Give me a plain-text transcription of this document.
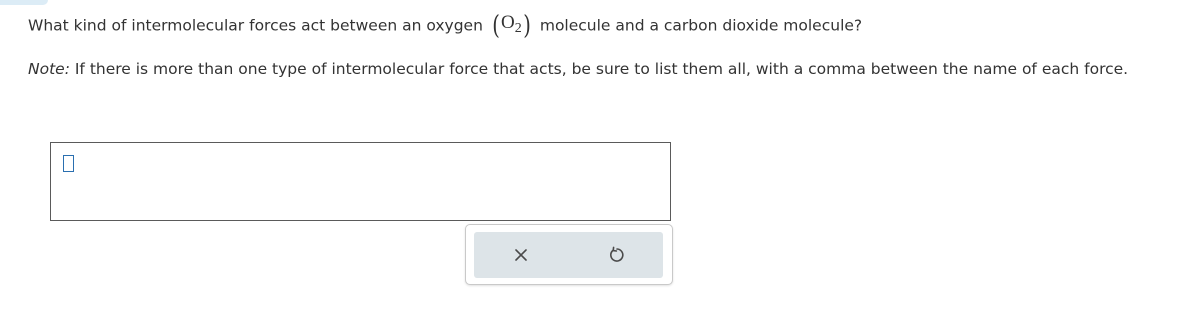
What kind of intermolecular forces act between an oxygen ( $O_2$ ) molecule and a carbon dioxide molecule?
Note: If there is more than one type of intermolecular force that acts, be sure to list them all, with a comma between the name of each force.
